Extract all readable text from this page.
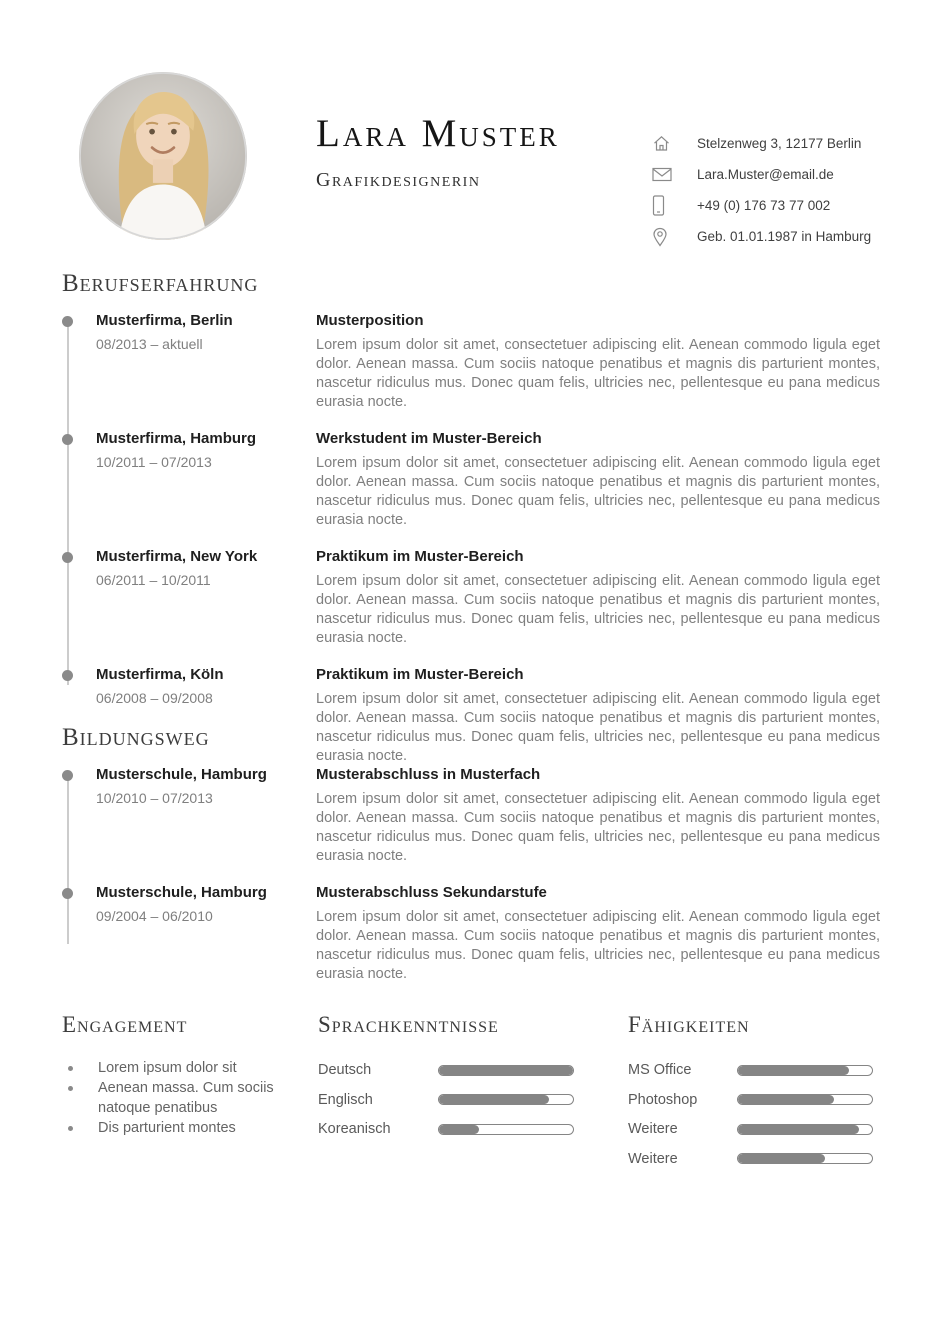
Lara Muster
Grafikdesignerin
Stelzenweg 3, 12177 Berlin
Lara.Muster@email.de
+49 (0) 176 73 77 002
Geb. 01.01.1987 in Hamburg
Berufserfahrung
Musterfirma, Berlin
08/2013 – aktuell
Musterposition
Lorem ipsum dolor sit amet, consectetuer adipiscing elit. Aenean commodo ligula eget dolor. Aenean massa. Cum sociis natoque penatibus et magnis dis parturient montes, nascetur ridiculus mus. Donec quam felis, ultricies nec, pellentesque eu pana medicus eurasia nocte.
Musterfirma, Hamburg
10/2011 – 07/2013
Werkstudent im Muster-Bereich
Lorem ipsum dolor sit amet, consectetuer adipiscing elit. Aenean commodo ligula eget dolor. Aenean massa. Cum sociis natoque penatibus et magnis dis parturient montes, nascetur ridiculus mus. Donec quam felis, ultricies nec, pellentesque eu pana medicus eurasia nocte.
Musterfirma, New York
06/2011 – 10/2011
Praktikum im Muster-Bereich
Lorem ipsum dolor sit amet, consectetuer adipiscing elit. Aenean commodo ligula eget dolor. Aenean massa. Cum sociis natoque penatibus et magnis dis parturient montes, nascetur ridiculus mus. Donec quam felis, ultricies nec, pellentesque eu pana medicus eurasia nocte.
Musterfirma, Köln
06/2008 – 09/2008
Praktikum im Muster-Bereich
Lorem ipsum dolor sit amet, consectetuer adipiscing elit. Aenean commodo ligula eget dolor. Aenean massa. Cum sociis natoque penatibus et magnis dis parturient montes, nascetur ridiculus mus. Donec quam felis, ultricies nec, pellentesque eu pana medicus eurasia nocte.
Bildungsweg
Musterschule, Hamburg
10/2010 – 07/2013
Musterabschluss in Musterfach
Lorem ipsum dolor sit amet, consectetuer adipiscing elit. Aenean commodo ligula eget dolor. Aenean massa. Cum sociis natoque penatibus et magnis dis parturient montes, nascetur ridiculus mus. Donec quam felis, ultricies nec, pellentesque eu pana medicus eurasia nocte.
Musterschule, Hamburg
09/2004 – 06/2010
Musterabschluss Sekundarstufe
Lorem ipsum dolor sit amet, consectetuer adipiscing elit. Aenean commodo ligula eget dolor. Aenean massa. Cum sociis natoque penatibus et magnis dis parturient montes, nascetur ridiculus mus. Donec quam felis, ultricies nec, pellentesque eu pana medicus eurasia nocte.
Engagement
Lorem ipsum dolor sit
Aenean massa. Cum sociis natoque penatibus
Dis parturient montes
Sprachkenntnisse
Deutsch
Englisch
Koreanisch
Fähigkeiten
MS Office
Photoshop
Weitere
Weitere
